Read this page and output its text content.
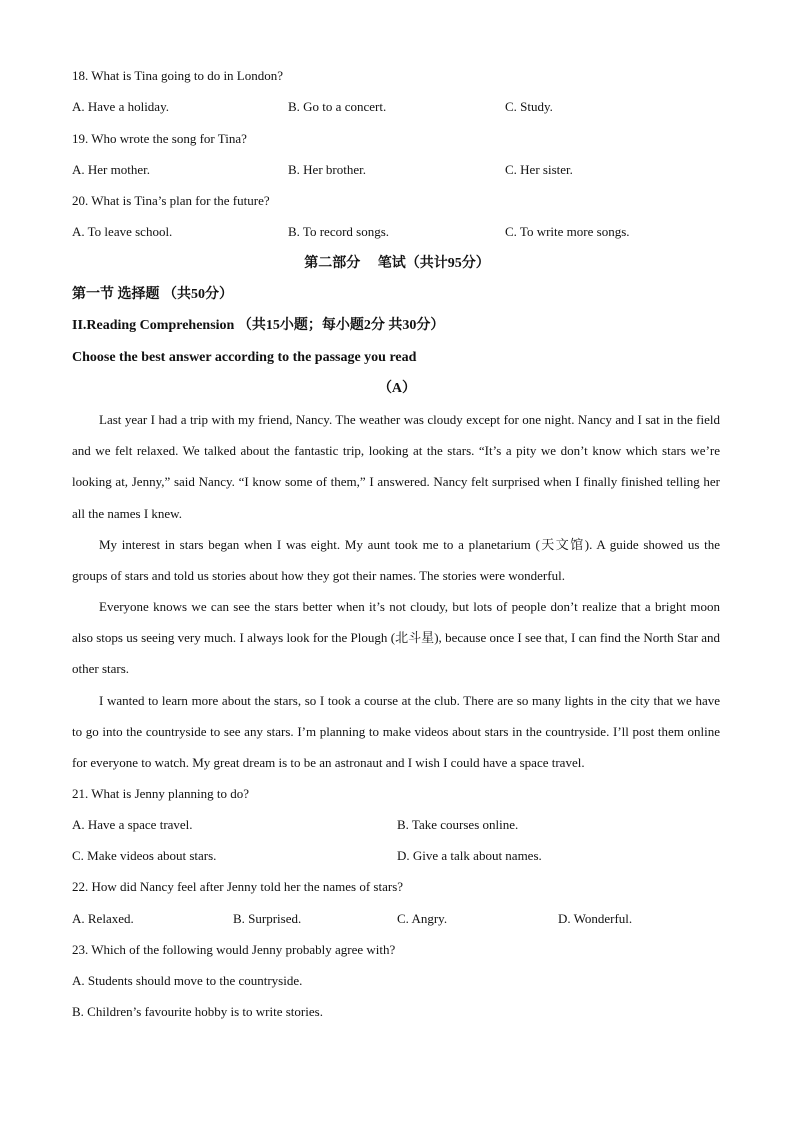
18. What is Tina going to do in London?
A. Have a holiday.	B. Go to a concert.	C. Study.
19. Who wrote the song for Tina?
A. Her mother.	B. Her brother.	C. Her sister.
20. What is Tina’s plan for the future?
A. To leave school.	B. To record songs.	C. To write more songs.
第二部分　 笔试（共计95分）
第一节 选择题 （共50分）
II.Reading Comprehension （共15小题；每小题2分 共30分）
Choose the best answer according to the passage you read
（A）

Last year I had a trip with my friend, Nancy. The weather was cloudy except for one night. Nancy and I sat in the field and we felt relaxed. We talked about the fantastic trip, looking at the stars. “It’s a pity we don’t know which stars we’re looking at, Jenny,” said Nancy. “I know some of them,” I answered. Nancy felt surprised when I finally finished telling her all the names I knew.

My interest in stars began when I was eight. My aunt took me to a planetarium (天文馆). A guide showed us the groups of stars and told us stories about how they got their names. The stories were wonderful.

Everyone knows we can see the stars better when it’s not cloudy, but lots of people don’t realize that a bright moon also stops us seeing very much. I always look for the Plough (北斗星), because once I see that, I can find the North Star and other stars.

I wanted to learn more about the stars, so I took a course at the club. There are so many lights in the city that we have to go into the countryside to see any stars. I’m planning to make videos about stars in the countryside. I’ll post them online for everyone to watch. My great dream is to be an astronaut and I wish I could have a space travel.

21. What is Jenny planning to do?
A. Have a space travel.	B. Take courses online.
C. Make videos about stars.	D. Give a talk about names.
22. How did Nancy feel after Jenny told her the names of stars?
A. Relaxed.	B. Surprised.	C. Angry.	D. Wonderful.
23. Which of the following would Jenny probably agree with?
A. Students should move to the countryside.
B. Children’s favourite hobby is to write stories.
